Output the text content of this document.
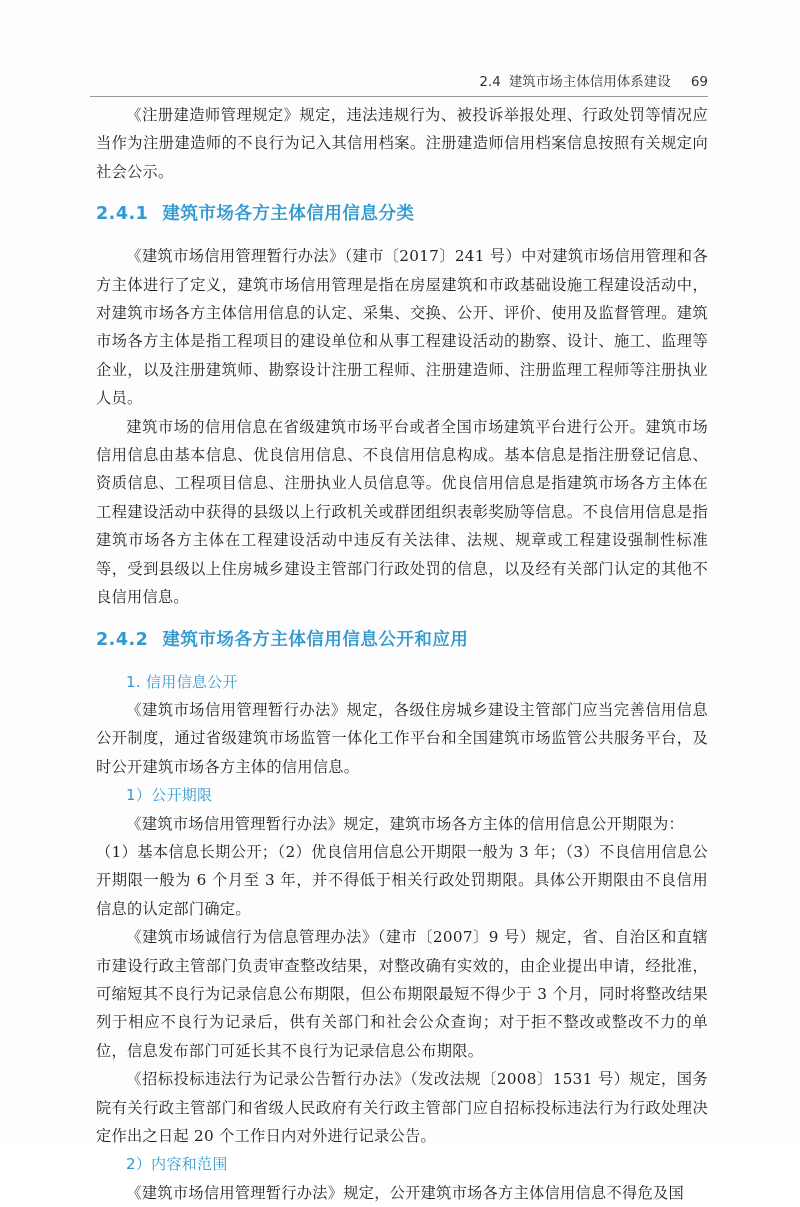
2.4 建筑市场主体信用体系建设 69

《注册建造师管理规定》规定，违法违规行为、被投诉举报处理、行政处罚等情况应当作为注册建造师的不良行为记入其信用档案。注册建造师信用档案信息按照有关规定向社会公示。

2.4.1 建筑市场各方主体信用信息分类

《建筑市场信用管理暂行办法》（建市〔2017〕241 号）中对建筑市场信用管理和各方主体进行了定义，建筑市场信用管理是指在房屋建筑和市政基础设施工程建设活动中，对建筑市场各方主体信用信息的认定、采集、交换、公开、评价、使用及监督管理。建筑市场各方主体是指工程项目的建设单位和从事工程建设活动的勘察、设计、施工、监理等企业，以及注册建筑师、勘察设计注册工程师、注册建造师、注册监理工程师等注册执业人员。

建筑市场的信用信息在省级建筑市场平台或者全国市场建筑平台进行公开。建筑市场信用信息由基本信息、优良信用信息、不良信用信息构成。基本信息是指注册登记信息、资质信息、工程项目信息、注册执业人员信息等。优良信用信息是指建筑市场各方主体在工程建设活动中获得的县级以上行政机关或群团组织表彰奖励等信息。不良信用信息是指建筑市场各方主体在工程建设活动中违反有关法律、法规、规章或工程建设强制性标准等，受到县级以上住房城乡建设主管部门行政处罚的信息，以及经有关部门认定的其他不良信用信息。

2.4.2 建筑市场各方主体信用信息公开和应用
1. 信用信息公开

《建筑市场信用管理暂行办法》规定，各级住房城乡建设主管部门应当完善信用信息公开制度，通过省级建筑市场监管一体化工作平台和全国建筑市场监管公共服务平台，及时公开建筑市场各方主体的信用信息。

1）公开期限

《建筑市场信用管理暂行办法》规定，建筑市场各方主体的信用信息公开期限为：

（1）基本信息长期公开；（2）优良信用信息公开期限一般为 3 年；（3）不良信用信息公开期限一般为 6 个月至 3 年，并不得低于相关行政处罚期限。具体公开期限由不良信用信息的认定部门确定。

《建筑市场诚信行为信息管理办法》（建市〔2007〕9 号）规定，省、自治区和直辖市建设行政主管部门负责审查整改结果，对整改确有实效的，由企业提出申请，经批准，可缩短其不良行为记录信息公布期限，但公布期限最短不得少于 3 个月，同时将整改结果列于相应不良行为记录后，供有关部门和社会公众查询；对于拒不整改或整改不力的单位，信息发布部门可延长其不良行为记录信息公布期限。

《招标投标违法行为记录公告暂行办法》（发改法规〔2008〕1531 号）规定，国务院有关行政主管部门和省级人民政府有关行政主管部门应自招标投标违法行为行政处理决定作出之日起 20 个工作日内对外进行记录公告。

2）内容和范围

《建筑市场信用管理暂行办法》规定，公开建筑市场各方主体信用信息不得危及国
